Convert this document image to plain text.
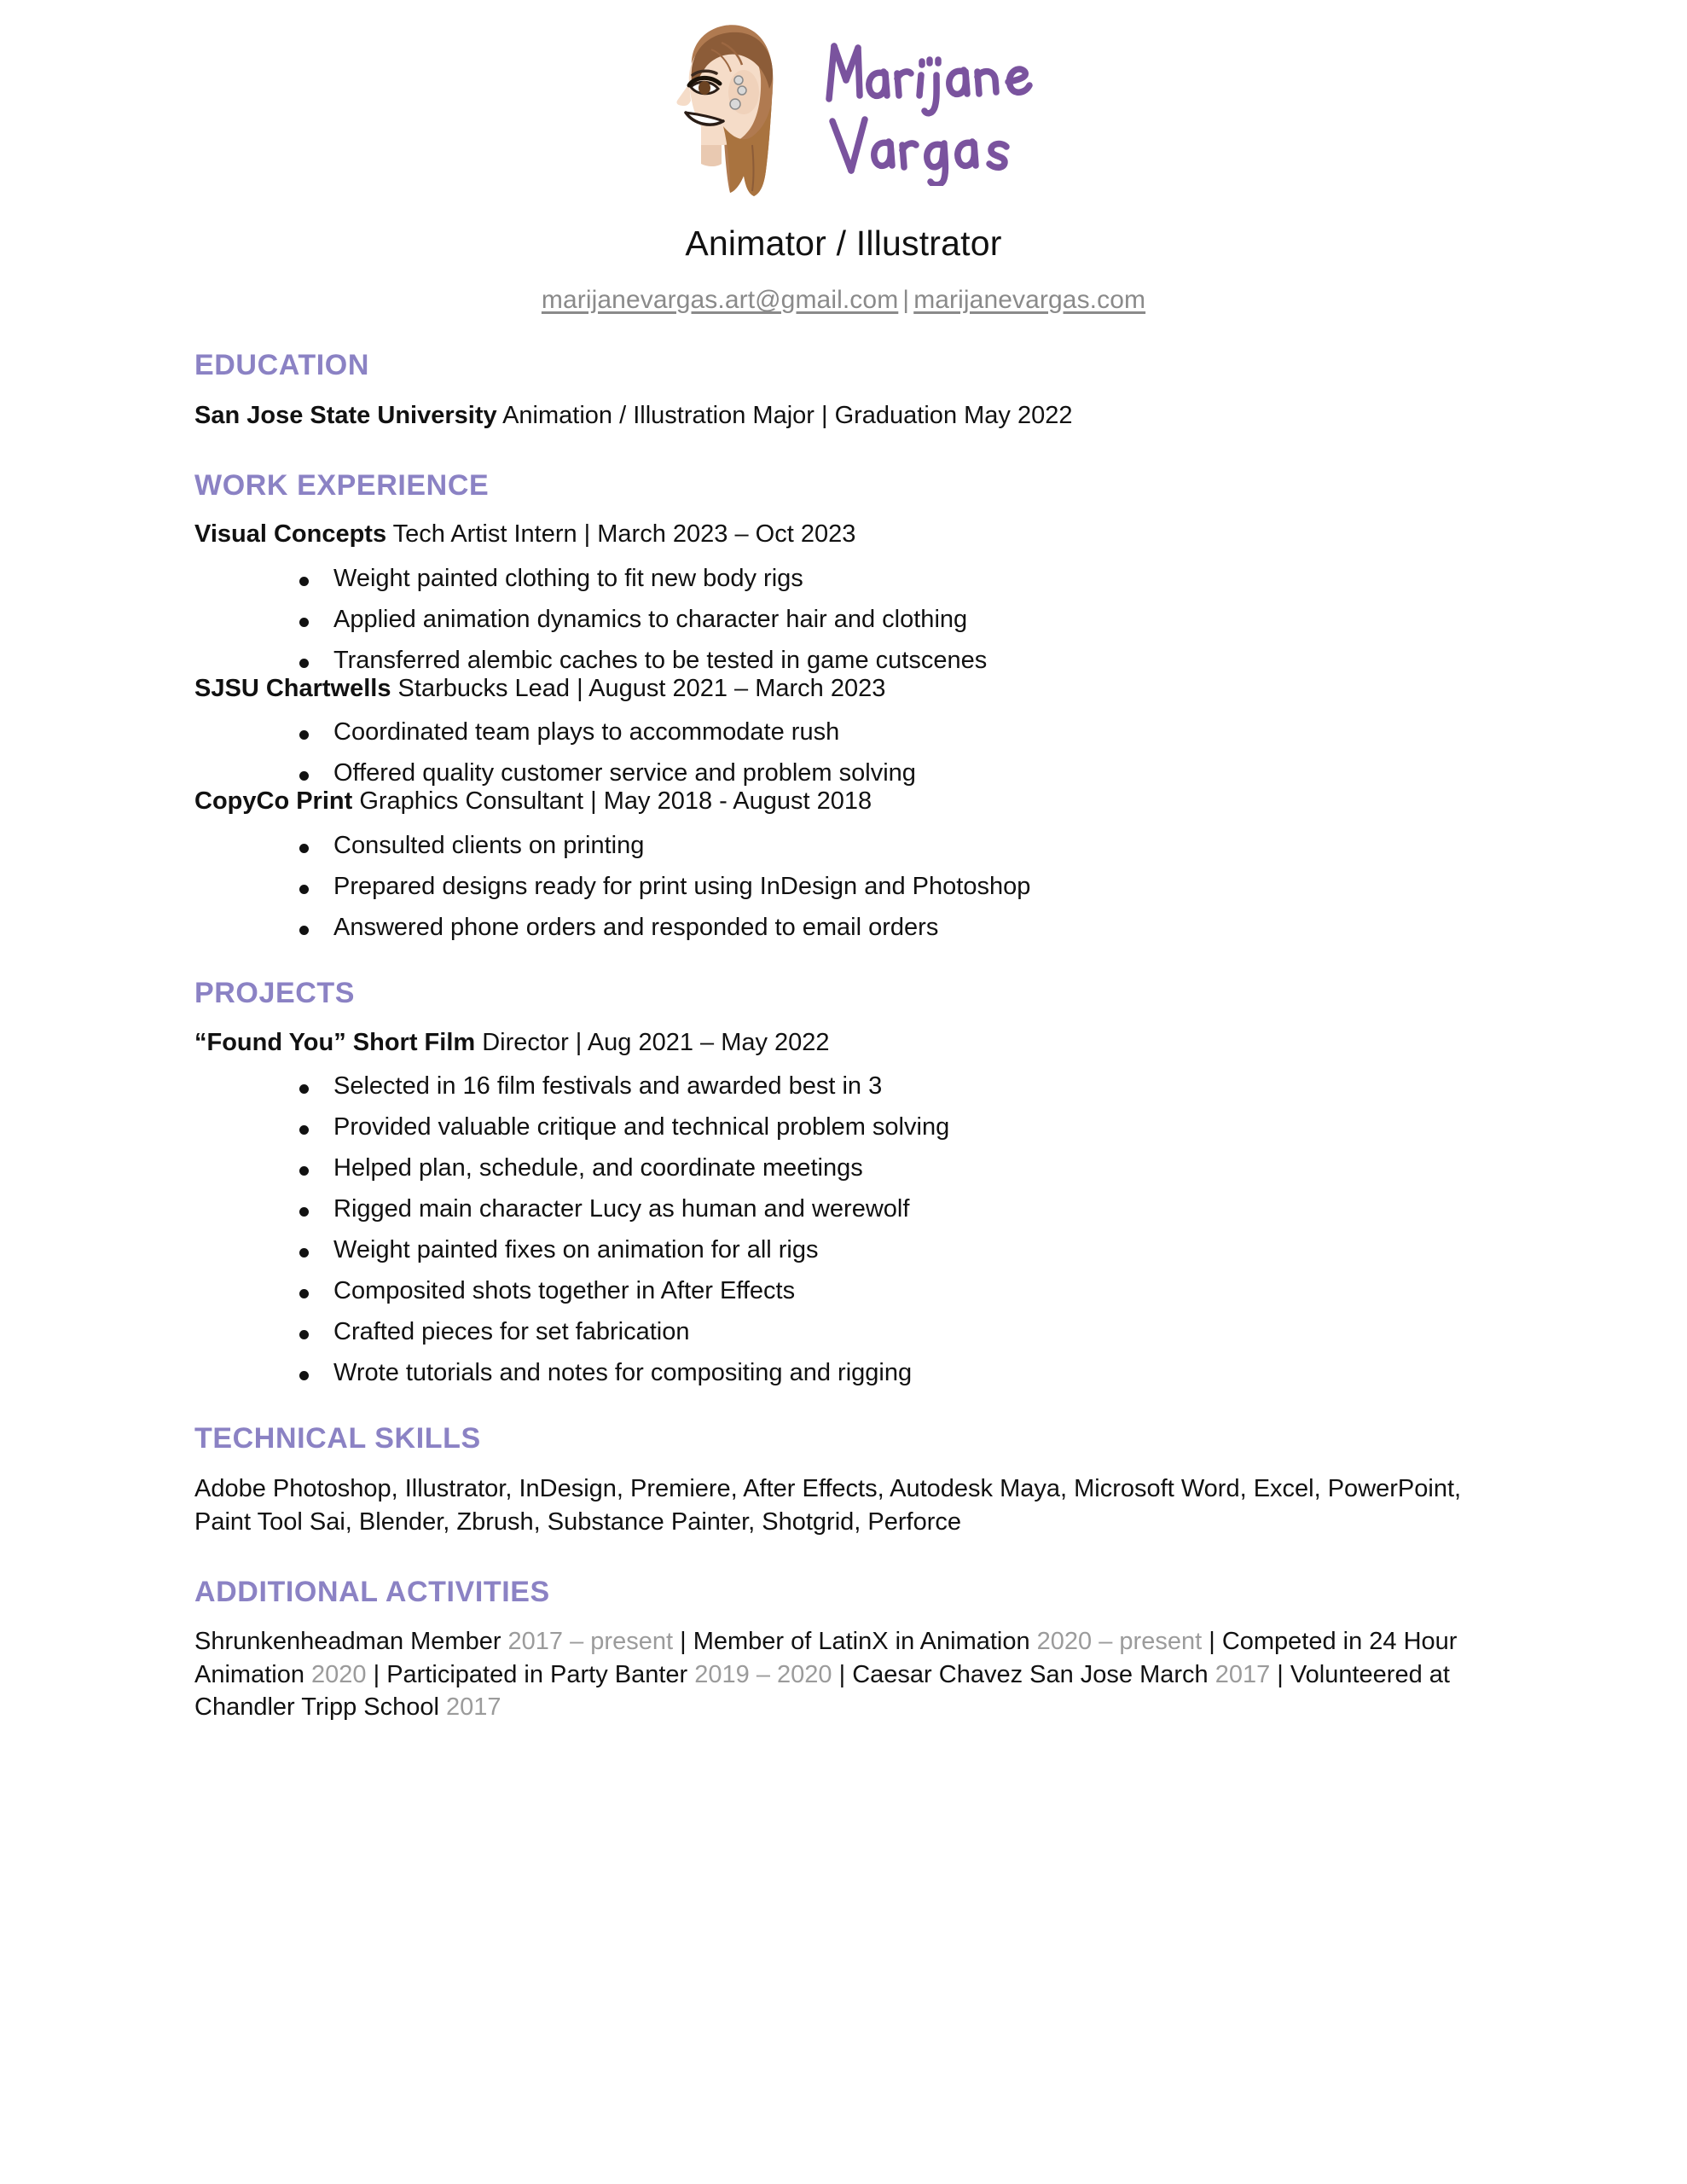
Animator / Illustrator
marijanevargas.art@gmail.com | marijanevargas.com
EDUCATION
San Jose State University Animation / Illustration Major | Graduation May 2022
WORK EXPERIENCE
Visual Concepts Tech Artist Intern | March 2023 – Oct 2023
Weight painted clothing to fit new body rigs
Applied animation dynamics to character hair and clothing
Transferred alembic caches to be tested in game cutscenes
SJSU Chartwells Starbucks Lead | August 2021 – March 2023
Coordinated team plays to accommodate rush
Offered quality customer service and problem solving
CopyCo Print Graphics Consultant | May 2018 - August 2018
Consulted clients on printing
Prepared designs ready for print using InDesign and Photoshop
Answered phone orders and responded to email orders
PROJECTS
“Found You” Short Film Director | Aug 2021 – May 2022
Selected in 16 film festivals and awarded best in 3
Provided valuable critique and technical problem solving
Helped plan, schedule, and coordinate meetings
Rigged main character Lucy as human and werewolf
Weight painted fixes on animation for all rigs
Composited shots together in After Effects
Crafted pieces for set fabrication
Wrote tutorials and notes for compositing and rigging
TECHNICAL SKILLS
Adobe Photoshop, Illustrator, InDesign, Premiere, After Effects, Autodesk Maya, Microsoft Word, Excel, PowerPoint, Paint Tool Sai, Blender, Zbrush, Substance Painter, Shotgrid, Perforce
ADDITIONAL ACTIVITIES
Shrunkenheadman Member 2017 – present | Member of LatinX in Animation 2020 – present | Competed in 24 Hour Animation 2020 | Participated in Party Banter 2019 – 2020 | Caesar Chavez San Jose March 2017 | Volunteered at Chandler Tripp School 2017
